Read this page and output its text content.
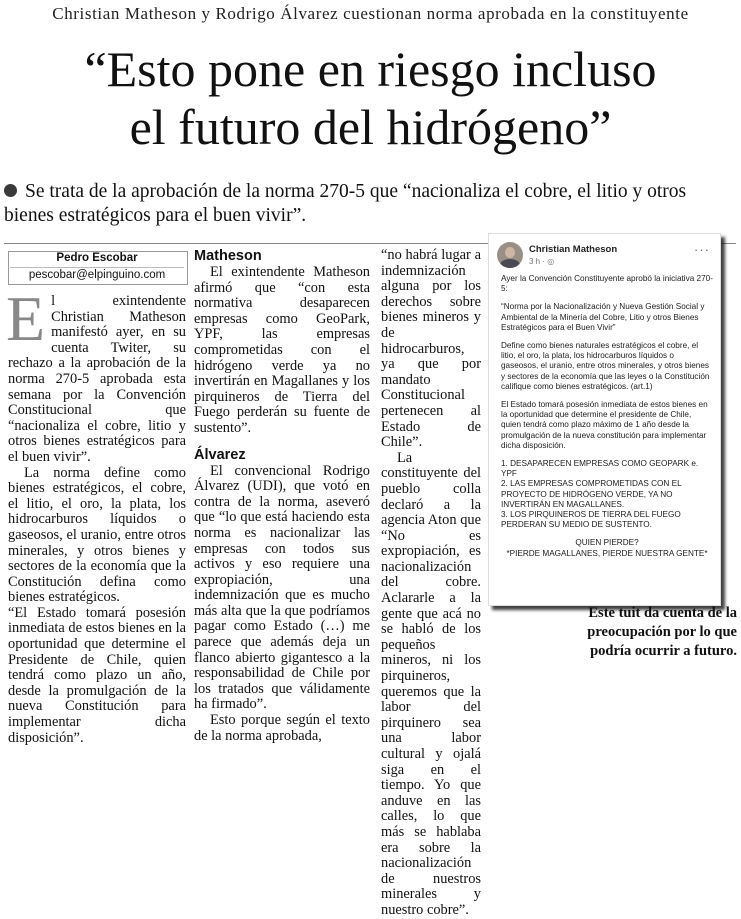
Christian Matheson y Rodrigo Álvarez cuestionan norma aprobada en la constituyente
“Esto pone en riesgo incluso
el futuro del hidrógeno”
Se trata de la aprobación de la norma 270-5 que “nacionaliza el cobre, el litio y otros bienes estratégicos para el buen vivir”.
Pedro Escobar
pescobar@elpinguino.com
E l exintendente Christian Matheson manifestó ayer, en su cuenta Twiter, su rechazo a la aprobación de la norma 270-5 aprobada esta semana por la Convención Constitucional que “nacionaliza el cobre, litio y otros bienes estratégicos para el buen vivir”.

La norma define como bienes estratégicos, el cobre, el litio, el oro, la plata, los hidrocarburos líquidos o gaseosos, el uranio, entre otros minerales, y otros bienes y sectores de la economía que la Constitución defina como bienes estratégicos.

“El Estado tomará posesión inmediata de estos bienes en la oportunidad que determine el Presidente de Chile, quien tendrá como plazo un año, desde la promulgación de la nueva Constitución para implementar dicha disposición”.

Matheson

El exintendente Matheson afirmó que “con esta normativa desaparecen empresas como GeoPark, YPF, las empresas comprometidas con el hidrógeno verde ya no invertirán en Magallanes y los pirquineros de Tierra del Fuego perderán su fuente de sustento”.

Álvarez

El convencional Rodrigo Álvarez (UDI), que votó en contra de la norma, aseveró que “lo que está haciendo esta norma es nacionalizar las empresas con todos sus activos y eso requiere una expropiación, una indemnización que es mucho más alta que la que podríamos pagar como Estado (…) me parece que además deja un flanco abierto gigantesco a la responsabilidad de Chile por los tratados que válidamente ha firmado”.

Esto porque según el texto de la norma aprobada,

“no habrá lugar a indemnización alguna por los derechos sobre bienes mineros y de hidrocarburos, ya que por mandato Constitucional pertenecen al Estado de Chile”.

La constituyente del pueblo colla declaró a la agencia Aton que “No es expropiación, es nacionalización del cobre. Aclararle a la gente que acá no se habló de los pequeños mineros, ni los pirquineros, queremos que la labor del pirquinero sea una labor cultural y ojalá siga en el tiempo. Yo que anduve en las calles, lo que más se hablaba era sobre la nacionalización de nuestros minerales y nuestro cobre”.

Christian Matheson
3 h · ◎
···

Ayer la Convención Constituyente aprobó la iniciativa 270-5:

“Norma por la Nacionalización y Nueva Gestión Social y Ambiental de la Minería del Cobre, Litio y otros Bienes Estratégicos para el Buen Vivir”

Define como bienes naturales estratégicos el cobre, el litio, el oro, la plata, los hidrocarburos líquidos o gaseosos, el uranio, entre otros minerales, y otros bienes y sectores de la economía que las leyes o la Constitución califique como bienes estratégicos. (art.1)

El Estado tomará posesión inmediata de estos bienes en la oportunidad que determine el presidente de Chile, quien tendrá como plazo máximo de 1 año desde la promulgación de la nueva constitución para implementar dicha disposición.

1. DESAPARECEN EMPRESAS COMO GEOPARK e. YPF
2. LAS EMPRESAS COMPROMETIDAS CON EL PROYECTO DE HIDRÓGENO VERDE, YA NO INVERTIRÁN EN MAGALLANES.
3. LOS PIRQUINEROS DE TIERRA DEL FUEGO PERDERAN SU MEDIO DE SUSTENTO.

QUIEN PIERDE?
*PIERDE MAGALLANES, PIERDE NUESTRA GENTE*

Este tuit da cuenta de la preocupación por lo que podría ocurrir a futuro.
